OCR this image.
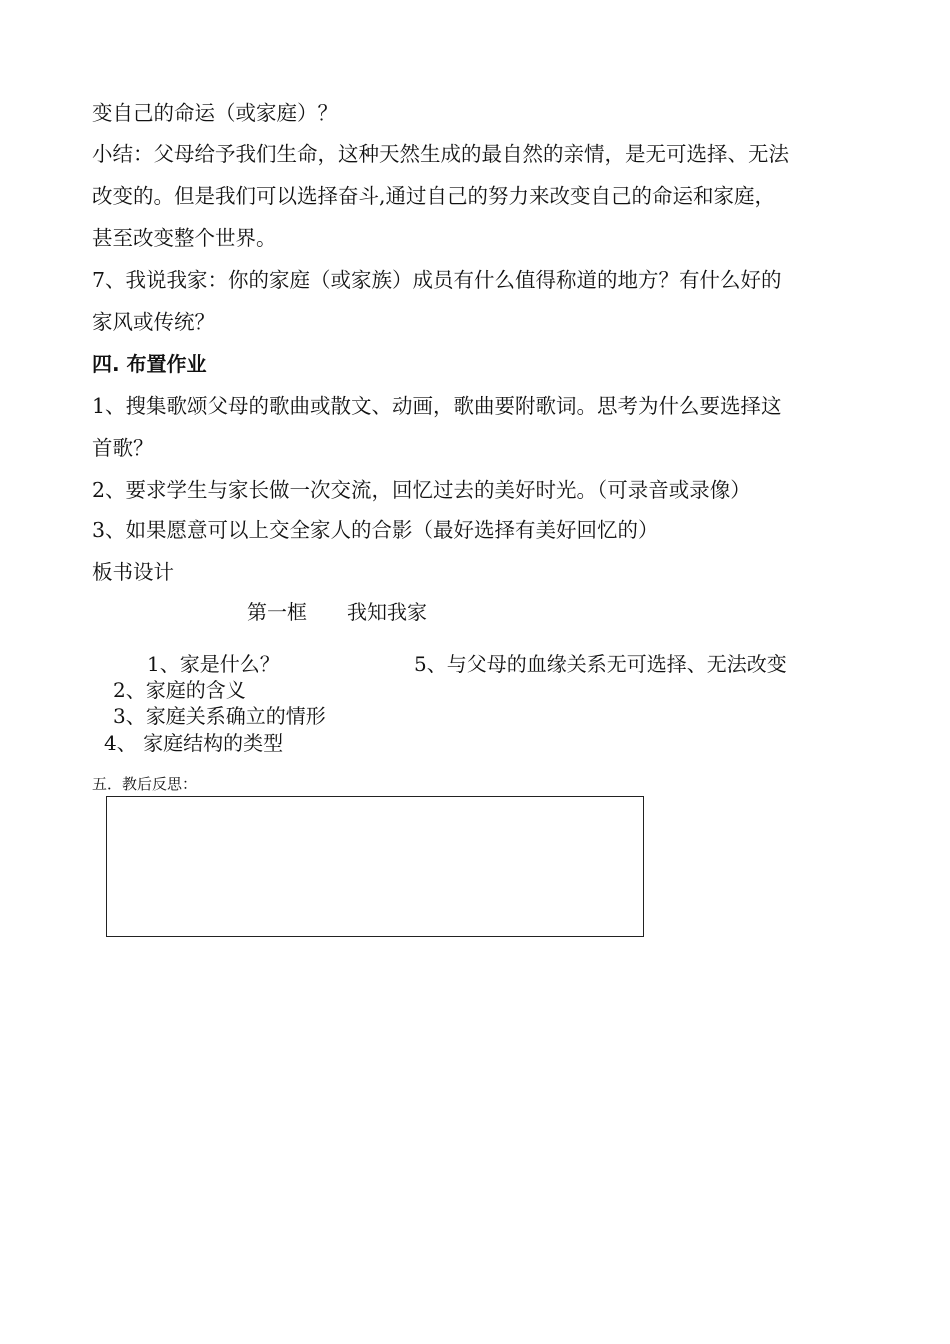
变自己的命运（或家庭）？
小结：父母给予我们生命，这种天然生成的最自然的亲情，是无可选择、无法
改变的。但是我们可以选择奋斗,通过自己的努力来改变自己的命运和家庭，
甚至改变整个世界。
7、我说我家：你的家庭（或家族）成员有什么值得称道的地方？有什么好的
家风或传统？
四. 布置作业
1、搜集歌颂父母的歌曲或散文、动画，歌曲要附歌词。思考为什么要选择这
首歌？
2、要求学生与家长做一次交流，回忆过去的美好时光。（可录音或录像）
3、如果愿意可以上交全家人的合影（最好选择有美好回忆的）
板书设计
第一框 我知我家
1、家是什么？	5、与父母的血缘关系无可选择、无法改变
2、家庭的含义
3、家庭关系确立的情形
4、 家庭结构的类型
五．教后反思：
